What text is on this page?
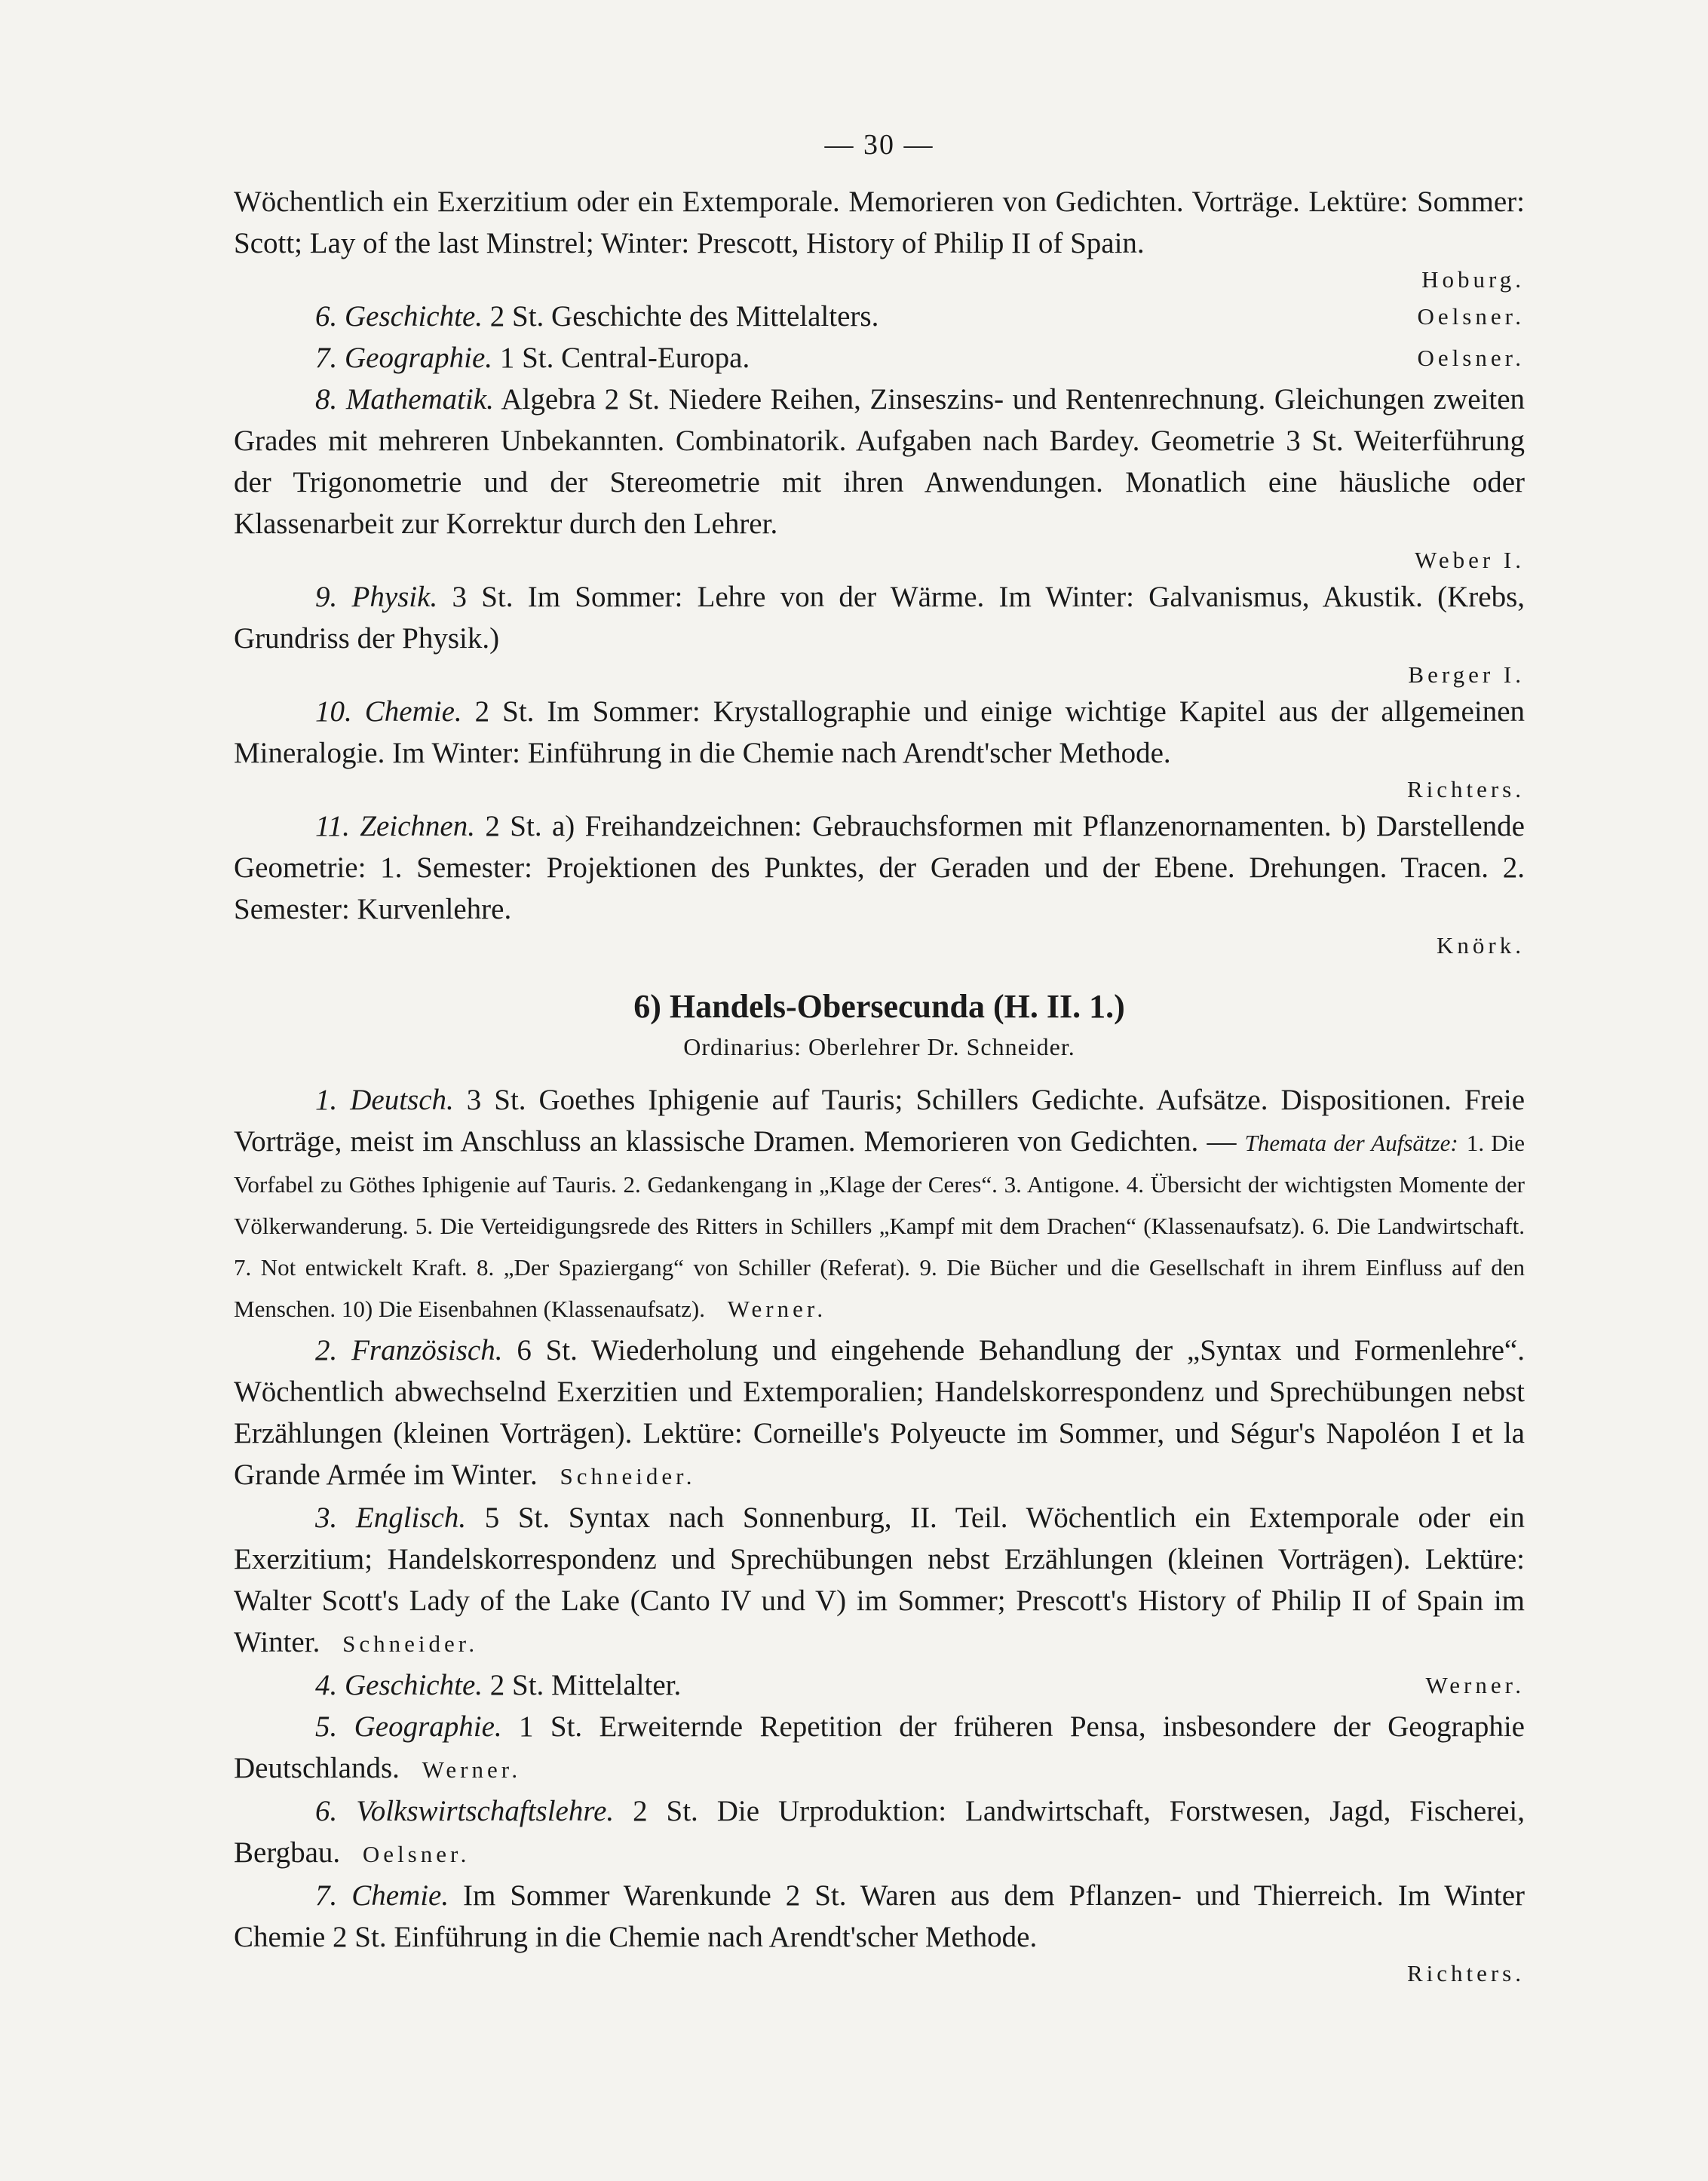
— 30 —

Wöchentlich ein Exerzitium oder ein Extemporale. Memorieren von Gedichten. Vorträge. Lektüre: Sommer: Scott; Lay of the last Minstrel; Winter: Prescott, History of Philip II of Spain.

Hoburg.

Oelsner.
6. Geschichte. 2 St. Geschichte des Mittelalters.

Oelsner.
7. Geographie. 1 St. Central-Europa.

8. Mathematik. Algebra 2 St. Niedere Reihen, Zinseszins- und Rentenrechnung. Gleichungen zweiten Grades mit mehreren Unbekannten. Combinatorik. Aufgaben nach Bardey. Geometrie 3 St. Weiterführung der Trigonometrie und der Stereometrie mit ihren Anwendungen. Monatlich eine häusliche oder Klassenarbeit zur Korrektur durch den Lehrer.

Weber I.

9. Physik. 3 St. Im Sommer: Lehre von der Wärme. Im Winter: Galvanismus, Akustik. (Krebs, Grundriss der Physik.)

Berger I.

10. Chemie. 2 St. Im Sommer: Krystallographie und einige wichtige Kapitel aus der allgemeinen Mineralogie. Im Winter: Einführung in die Chemie nach Arendt'scher Methode.

Richters.

11. Zeichnen. 2 St. a) Freihandzeichnen: Gebrauchsformen mit Pflanzenornamenten. b) Darstellende Geometrie: 1. Semester: Projektionen des Punktes, der Geraden und der Ebene. Drehungen. Tracen. 2. Semester: Kurvenlehre.

Knörk.
6) Handels-Obersecunda (H. II. 1.)
Ordinarius: Oberlehrer Dr. Schneider.

1. Deutsch. 3 St. Goethes Iphigenie auf Tauris; Schillers Gedichte. Aufsätze. Dispositionen. Freie Vorträge, meist im Anschluss an klassische Dramen. Memorieren von Gedichten. — Themata der Aufsätze: 1. Die Vorfabel zu Göthes Iphigenie auf Tauris. 2. Gedankengang in „Klage der Ceres“. 3. Antigone. 4. Übersicht der wichtigsten Momente der Völkerwanderung. 5. Die Verteidigungsrede des Ritters in Schillers „Kampf mit dem Drachen“ (Klassenaufsatz). 6. Die Landwirtschaft. 7. Not entwickelt Kraft. 8. „Der Spaziergang“ von Schiller (Referat). 9. Die Bücher und die Gesellschaft in ihrem Einfluss auf den Menschen. 10) Die Eisenbahnen (Klassenaufsatz). Werner.

2. Französisch. 6 St. Wiederholung und eingehende Behandlung der „Syntax und Formenlehre“. Wöchentlich abwechselnd Exerzitien und Extemporalien; Handelskorrespondenz und Sprechübungen nebst Erzählungen (kleinen Vorträgen). Lektüre: Corneille's Polyeucte im Sommer, und Ségur's Napoléon I et la Grande Armée im Winter. Schneider.

3. Englisch. 5 St. Syntax nach Sonnenburg, II. Teil. Wöchentlich ein Extemporale oder ein Exerzitium; Handelskorrespondenz und Sprechübungen nebst Erzählungen (kleinen Vorträgen). Lektüre: Walter Scott's Lady of the Lake (Canto IV und V) im Sommer; Prescott's History of Philip II of Spain im Winter. Schneider.

Werner.
4. Geschichte. 2 St. Mittelalter.

5. Geographie. 1 St. Erweiternde Repetition der früheren Pensa, insbesondere der Geographie Deutschlands. Werner.

6. Volkswirtschaftslehre. 2 St. Die Urproduktion: Landwirtschaft, Forstwesen, Jagd, Fischerei, Bergbau. Oelsner.

7. Chemie. Im Sommer Warenkunde 2 St. Waren aus dem Pflanzen- und Thierreich. Im Winter Chemie 2 St. Einführung in die Chemie nach Arendt'scher Methode.

Richters.
